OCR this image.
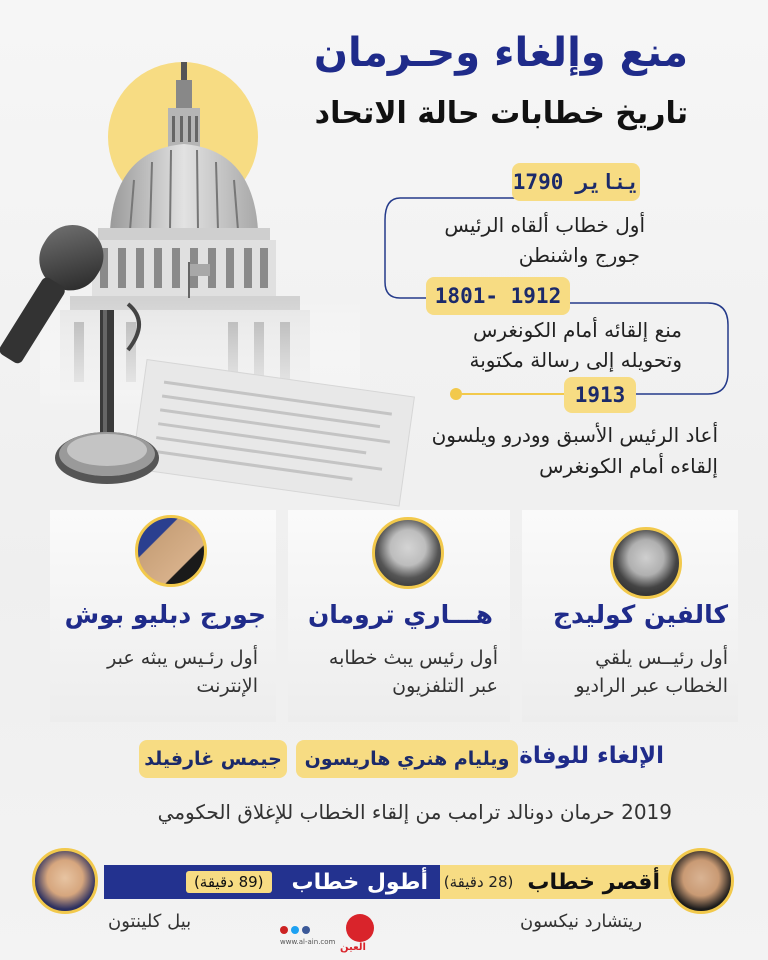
منع وإلغاء وحـرمان
تاريخ خطابات حالة الاتحاد
يناير 1790
أول خطاب ألقاه الرئيس
جورج واشنطن
1801- 1912
منع إلقائه أمام الكونغرس
وتحويله إلى رسالة مكتوبة
1913
أعاد الرئيس الأسبق وودرو ويلسون
إلقاءه أمام الكونغرس
كالفين كوليدج
أول رئيــس يلقي
الخطاب عبر الراديو
هـــاري ترومان
أول رئيس يبث خطابه
عبر التلفزيون
جورج دبليو بوش
أول رئـيس يبثه عبر
الإنترنت
الإلغاء للوفاة
ويليام هنري هاريسون
جيمس غارفيلد
2019 حرمان دونالد ترامب من إلقاء الخطاب للإغلاق الحكومي
أطول خطاب
(89 دقيقة)	أقصر خطاب
(28 دقيقة)
بيل كلينتون	ريتشارد نيكسون
العين
www.al-ain.com
